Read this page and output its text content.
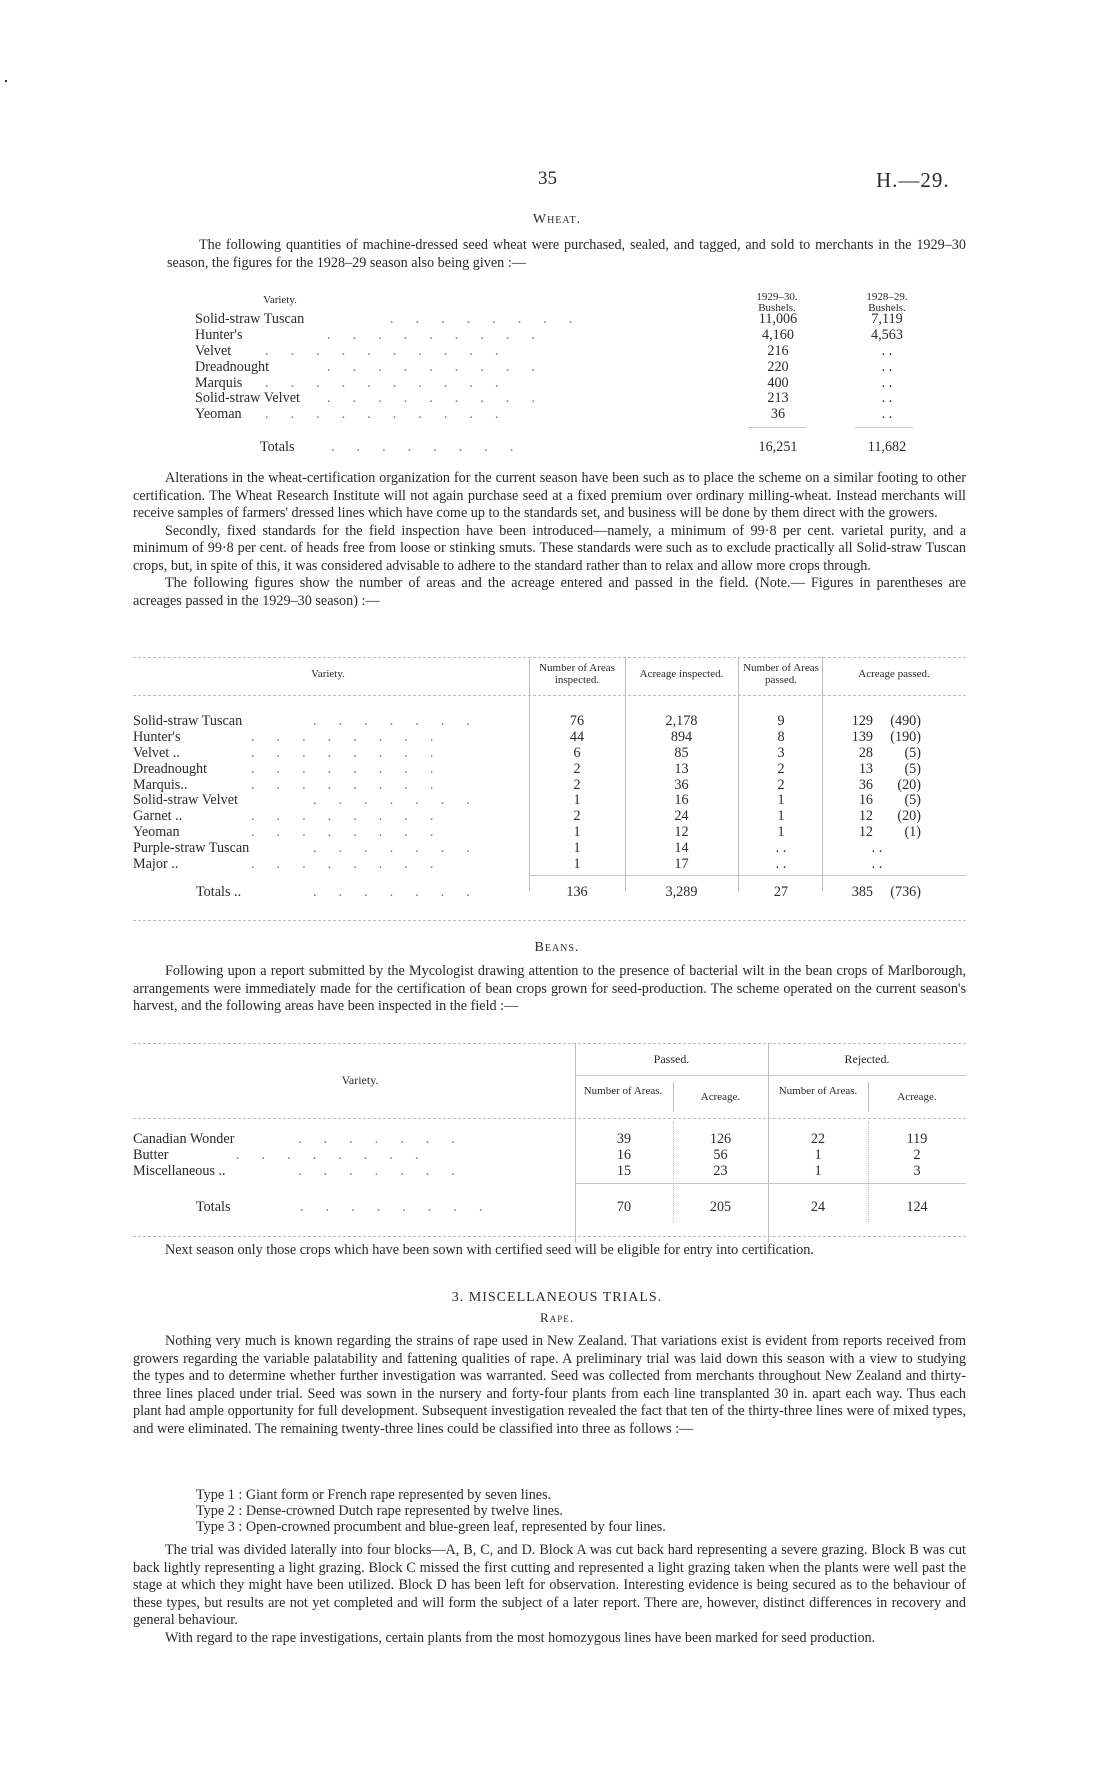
35	H.—29.
Wheat.

The following quantities of machine-dressed seed wheat were purchased, sealed, and tagged, and sold to merchants in the 1929–30 season, the figures for the 1928–29 season also being given :—

Variety.	1929–30.
Bushels.
1928–29.
Bushels.
Solid-straw Tuscan	........	11,006	7,119
Hunter's	.........	4,160	4,563
Velvet ..........	216	. .
Dreadnought	.........	220	. .
Marquis ..........	400	. .
Solid-straw Velvet .........	213	. .
Yeoman ..........	36	. .
Totals	........	16,251	11,682

Alterations in the wheat-certification organization for the current season have been such as to place the scheme on a similar footing to other certification. The Wheat Research Institute will not again purchase seed at a fixed premium over ordinary milling-wheat. Instead merchants will receive samples of farmers' dressed lines which have come up to the standards set, and business will be done by them direct with the growers.

Secondly, fixed standards for the field inspection have been introduced—namely, a minimum of 99·8 per cent. varietal purity, and a minimum of 99·8 per cent. of heads free from loose or stinking smuts. These standards were such as to exclude practically all Solid-straw Tuscan crops, but, in spite of this, it was considered advisable to adhere to the standard rather than to relax and allow more crops through.

The following figures show the number of areas and the acreage entered and passed in the field. (Note.— Figures in parentheses are acreages passed in the 1929–30 season) :—

Variety.	Number of Areas inspected.	Acreage inspected.	Number of Areas passed.	Acreage passed.
Solid-straw Tuscan	.......	76	2,178	9	129	(490)
Hunter's	........	44	894	8	139	(190)
Velvet ..	........	6	85	3	28	(5)
Dreadnought	........	2	13	2	13	(5)
Marquis..	........	2	36	2	36	(20)
Solid-straw Velvet	.......	1	16	1	16	(5)
Garnet ..	........	2	24	1	12	(20)
Yeoman	........	1	12	1	12	(1)
Purple-straw Tuscan	.......	1	14	. .	. .
Major ..	........	1	17	. .	. .
Totals ..	.......	136	3,289	27	385	(736)
Beans.

Following upon a report submitted by the Mycologist drawing attention to the presence of bacterial wilt in the bean crops of Marlborough, arrangements were immediately made for the certification of bean crops grown for seed-production. The scheme operated on the current season's harvest, and the following areas have been inspected in the field :—

Variety.
Passed.	Rejected.
Number of Areas.	Acreage.	Number of Areas.	Acreage.
Canadian Wonder	.......	39	126	22	119
Butter	........	16	56	1	2
Miscellaneous ..	.......	15	23	1	3
Totals	........	70	205	24	124

Next season only those crops which have been sown with certified seed will be eligible for entry into certification.

3. MISCELLANEOUS TRIALS.
Rape.

Nothing very much is known regarding the strains of rape used in New Zealand. That variations exist is evident from reports received from growers regarding the variable palatability and fattening qualities of rape. A preliminary trial was laid down this season with a view to studying the types and to determine whether further investigation was warranted. Seed was collected from merchants throughout New Zealand and thirty-three lines placed under trial. Seed was sown in the nursery and forty-four plants from each line transplanted 30 in. apart each way. Thus each plant had ample opportunity for full development. Subsequent investigation revealed the fact that ten of the thirty-three lines were of mixed types, and were eliminated. The remaining twenty-three lines could be classified into three as follows :—

Type 1 : Giant form or French rape represented by seven lines.
Type 2 : Dense-crowned Dutch rape represented by twelve lines.
Type 3 : Open-crowned procumbent and blue-green leaf, represented by four lines.

The trial was divided laterally into four blocks—A, B, C, and D. Block A was cut back hard representing a severe grazing. Block B was cut back lightly representing a light grazing. Block C missed the first cutting and represented a light grazing taken when the plants were well past the stage at which they might have been utilized. Block D has been left for observation. Interesting evidence is being secured as to the behaviour of these types, but results are not yet completed and will form the subject of a later report. There are, however, distinct differences in recovery and general behaviour.

With regard to the rape investigations, certain plants from the most homozygous lines have been marked for seed production.
